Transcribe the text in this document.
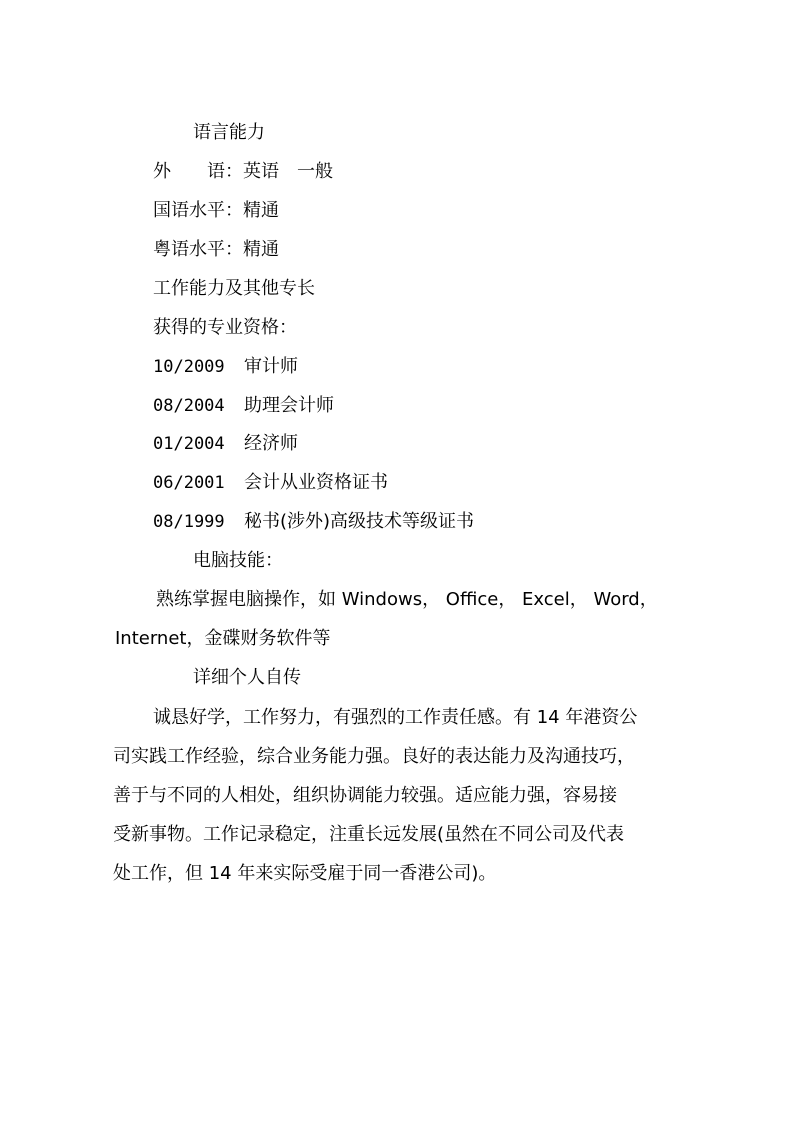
语言能力
外　　语：英语　一般
国语水平：精通
粤语水平：精通
工作能力及其他专长
获得的专业资格：
10/2009 审计师
08/2004 助理会计师
01/2004 经济师
06/2001 会计从业资格证书
08/1999 秘书(涉外)高级技术等级证书
电脑技能：
熟练掌握电脑操作，如 Windows， Office， Excel， Word，
Internet，金碟财务软件等
详细个人自传
诚恳好学，工作努力，有强烈的工作责任感。有 14 年港资公
司实践工作经验，综合业务能力强。良好的表达能力及沟通技巧，
善于与不同的人相处，组织协调能力较强。适应能力强，容易接
受新事物。工作记录稳定，注重长远发展(虽然在不同公司及代表
处工作，但 14 年来实际受雇于同一香港公司)。
